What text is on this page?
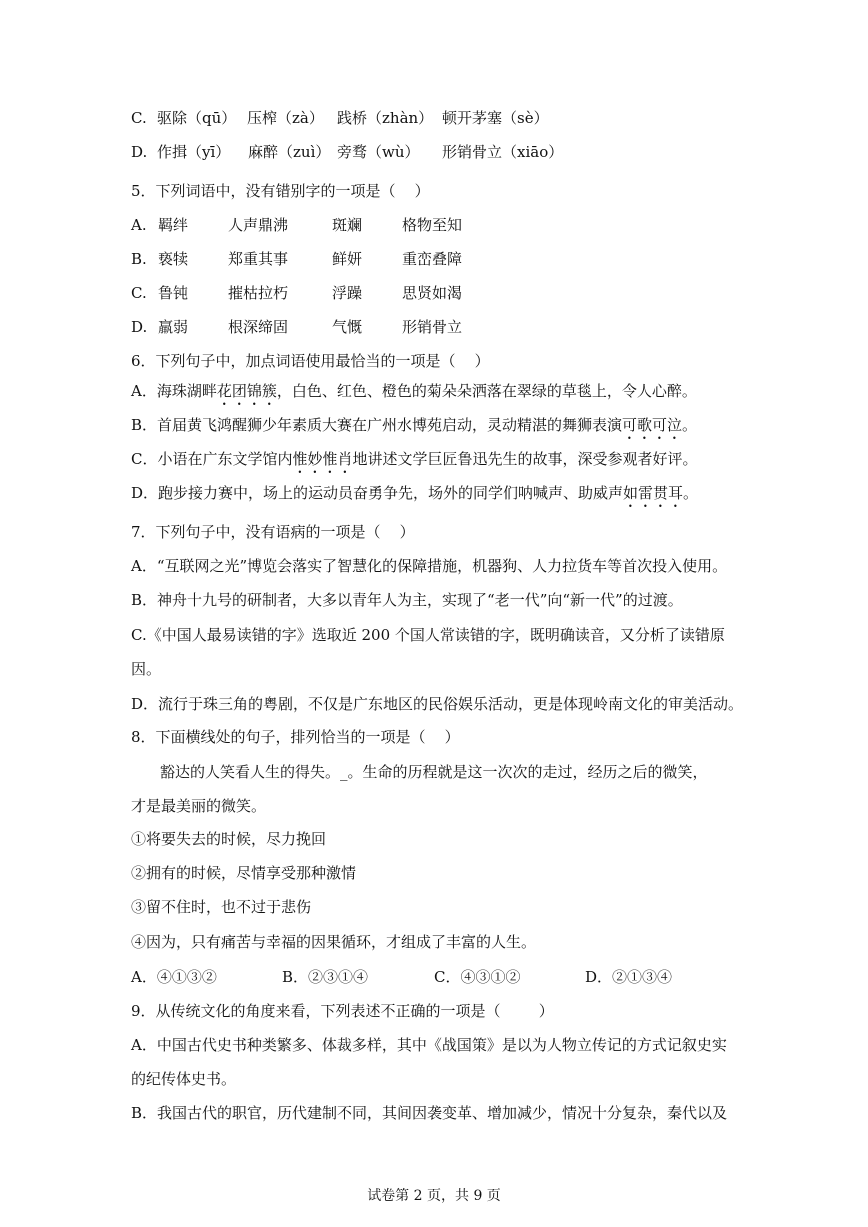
C. 驱除（qū） 压榨（zà） 践桥（zhàn） 顿开茅塞（sè）
D. 作揖（yī） 麻醉（zuì） 旁骛（wù） 形销骨立（xiāo）
5．下列词语中，没有错别字的一项是（    ）
A. 羁绊	人声鼎沸	斑斓	格物至知
B. 亵犊	郑重其事	鲜妍	重峦叠障
C. 鲁钝	摧枯拉朽	浮躁	思贤如渴
D. 羸弱	根深缔固	气慨	形销骨立
6．下列句子中，加点词语使用最恰当的一项是（    ）
A．海珠湖畔花团锦簇，白色、红色、橙色的菊朵朵洒落在翠绿的草毯上，令人心醉。
B．首届黄飞鸿醒狮少年素质大赛在广州水博苑启动，灵动精湛的舞狮表演可歌可泣。
C．小语在广东文学馆内惟妙惟肖地讲述文学巨匠鲁迅先生的故事，深受参观者好评。
D．跑步接力赛中，场上的运动员奋勇争先，场外的同学们呐喊声、助威声如雷贯耳。
7．下列句子中，没有语病的一项是（    ）
A．“互联网之光”博览会落实了智慧化的保障措施，机器狗、人力拉货车等首次投入使用。
B．神舟十九号的研制者，大多以青年人为主，实现了“老一代”向“新一代”的过渡。
C.《中国人最易读错的字》选取近 200 个国人常读错的字，既明确读音，又分析了读错原
因。
D．流行于珠三角的粤剧，不仅是广东地区的民俗娱乐活动，更是体现岭南文化的审美活动。
8．下面横线处的句子，排列恰当的一项是（    ）
豁达的人笑看人生的得失。_。生命的历程就是这一次次的走过，经历之后的微笑，
才是最美丽的微笑。
①将要失去的时候，尽力挽回
②拥有的时候，尽情享受那种激情
③留不住时，也不过于悲伤
④因为，只有痛苦与幸福的因果循环，才组成了丰富的人生。
A．④①③②	B．②③①④	C．④③①②	D．②①③④
9．从传统文化的角度来看，下列表述不正确的一项是（        ）
A．中国古代史书种类繁多、体裁多样，其中《战国策》是以为人物立传记的方式记叙史实
的纪传体史书。
B．我国古代的职官，历代建制不同，其间因袭变革、增加减少，情况十分复杂，秦代以及
试卷第 2 页，共 9 页
